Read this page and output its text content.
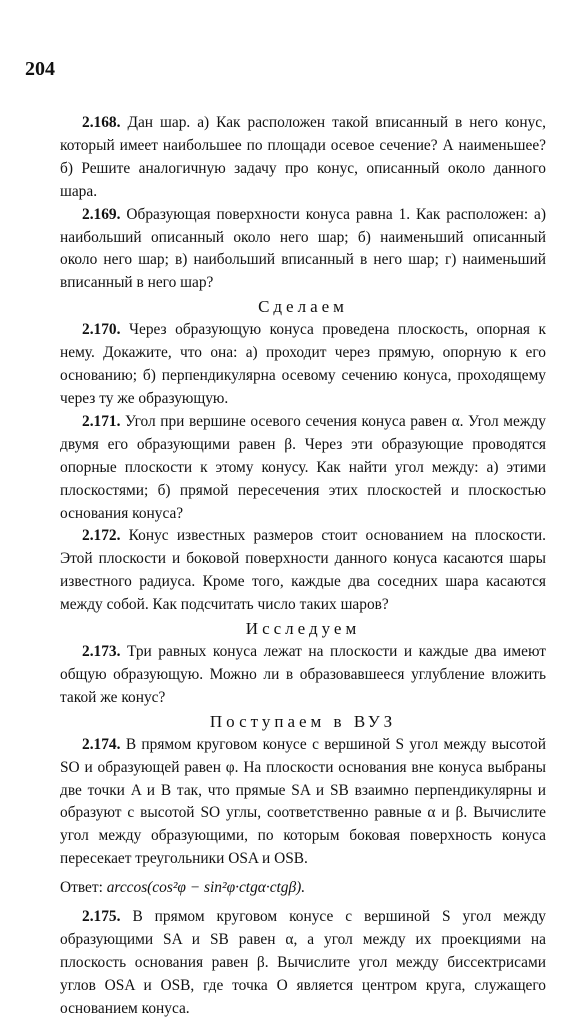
204

2.168. Дан шар. а) Как расположен такой вписанный в него конус, который имеет наибольшее по площади осевое сечение? А наименьшее? б) Решите аналогичную задачу про конус, описанный около данного шара.

2.169. Образующая поверхности конуса равна 1. Как расположен: а) наибольший описанный около него шар; б) наименьший описанный около него шар; в) наибольший вписанный в него шар; г) наименьший вписанный в него шар?

Сделаем

2.170. Через образующую конуса проведена плоскость, опорная к нему. Докажите, что она: а) проходит через прямую, опорную к его основанию; б) перпендикулярна осевому сечению конуса, проходящему через ту же образующую.

2.171. Угол при вершине осевого сечения конуса равен α. Угол между двумя его образующими равен β. Через эти образующие проводятся опорные плоскости к этому конусу. Как найти угол между: а) этими плоскостями; б) прямой пересечения этих плоскостей и плоскостью основания конуса?

2.172. Конус известных размеров стоит основанием на плоскости. Этой плоскости и боковой поверхности данного конуса касаются шары известного радиуса. Кроме того, каждые два соседних шара касаются между собой. Как подсчитать число таких шаров?

Исследуем

2.173. Три равных конуса лежат на плоскости и каждые два имеют общую образующую. Можно ли в образовавшееся углубление вложить такой же конус?

Поступаем в ВУЗ

2.174. В прямом круговом конусе с вершиной S угол между высотой SO и образующей равен φ. На плоскости основания вне конуса выбраны две точки A и B так, что прямые SA и SB взаимно перпендикулярны и образуют с высотой SO углы, соответственно равные α и β. Вычислите угол между образующими, по которым боковая поверхность конуса пересекает треугольники OSA и OSB.

Ответ: arccos(cos²φ − sin²φ·ctgα·ctgβ).

2.175. В прямом круговом конусе с вершиной S угол между образующими SA и SB равен α, а угол между их проекциями на плоскость основания равен β. Вычислите угол между биссектрисами углов OSA и OSB, где точка O является центром круга, служащего основанием конуса.
